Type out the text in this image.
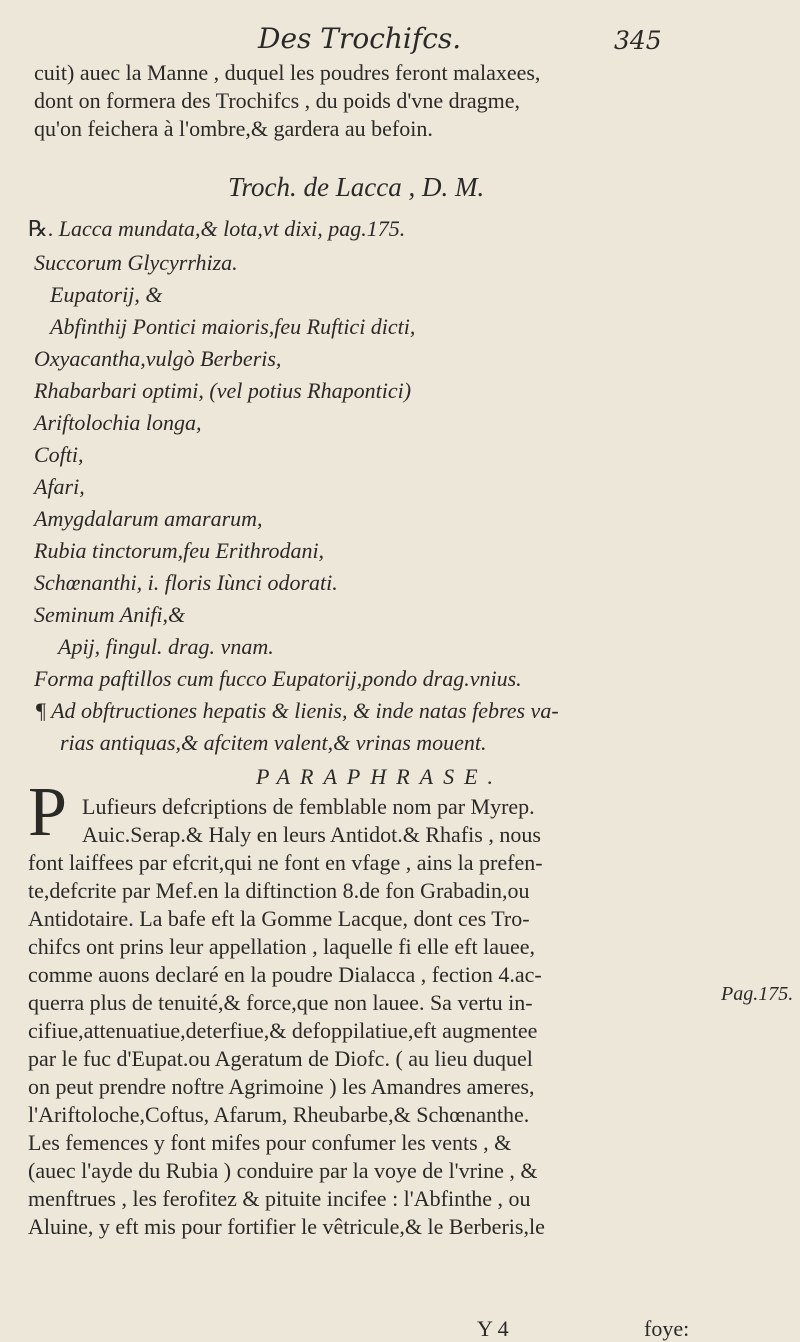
Des Trochifcs.	345
cuit) auec la Manne , duquel les poudres feront malaxees,
dont on formera des Trochifcs , du poids d'vne dragme,
qu'on feichera à l'ombre,& gardera au befoin.
Troch. de Lacca , D. M.
℞. Lacca mundata,& lota,vt dixi, pag.175.
Succorum Glycyrrhiza.
Eupatorij, &
Abfinthij Pontici maioris,feu Ruftici dicti,
Oxyacantha,vulgò Berberis,
Rhabarbari optimi, (vel potius Rhapontici)
Ariftolochia longa,
Cofti,
Afari,
Amygdalarum amararum,
Rubia tinctorum,feu Erithrodani,
Schœnanthi, i. floris Iùnci odorati.
Seminum Anifi,&
Apij, fingul. drag. vnam.
Forma paftillos cum fucco Eupatorij,pondo drag.vnius.
¶ Ad obftructiones hepatis & lienis, & inde natas febres va-
rias antiquas,& afcitem valent,& vrinas mouent.
PARAPHRASE.
P Lufieurs defcriptions de femblable nom par Myrep.
Auic.Serap.& Haly en leurs Antidot.& Rhafis , nous
font laiffees par efcrit,qui ne font en vfage , ains la prefen-
te,defcrite par Mef.en la diftinction 8.de fon Grabadin,ou
Antidotaire. La bafe eft la Gomme Lacque, dont ces Tro-
chifcs ont prins leur appellation , laquelle fi elle eft lauee,
comme auons declaré en la poudre Dialacca , fection 4.ac-
querra plus de tenuité,& force,que non lauee. Sa vertu in-
cifiue,attenuatiue,deterfiue,& defoppilatiue,eft augmentee
par le fuc d'Eupat.ou Ageratum de Diofc. ( au lieu duquel
on peut prendre noftre Agrimoine ) les Amandres ameres,
l'Ariftoloche,Coftus, Afarum, Rheubarbe,& Schœnanthe.
Les femences y font mifes pour confumer les vents , &
(auec l'ayde du Rubia ) conduire par la voye de l'vrine , &
menftrues , les ferofitez & pituite incifee : l'Abfinthe , ou
Aluine, y eft mis pour fortifier le vêtricule,& le Berberis,le
Pag.175.
Y 4	foye:
